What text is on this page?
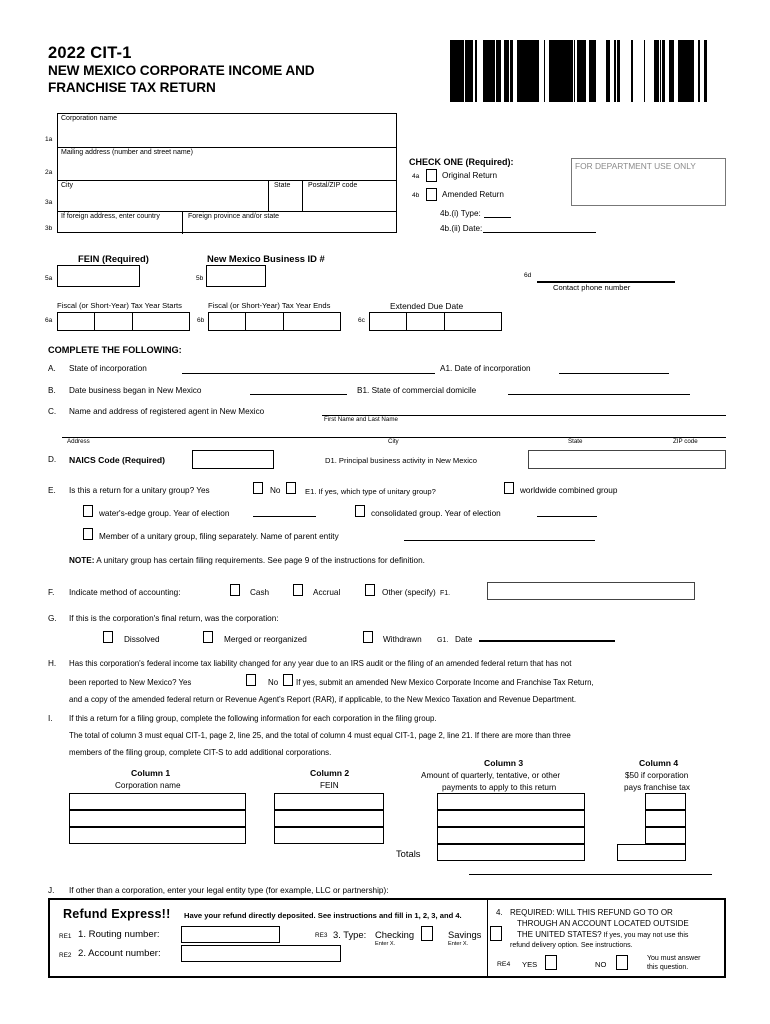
2022 CIT-1
NEW MEXICO CORPORATE INCOME AND
FRANCHISE TAX RETURN
Corporation name
Mailing address (number and street name)
City	State	Postal/ZIP code
If foreign address, enter country	Foreign province and/or state
1a
2a
3a
3b
CHECK ONE (Required):
4a	Original Return
4b	Amended Return
4b.(i) Type:
4b.(ii) Date:
FOR DEPARTMENT USE ONLY
FEIN (Required)
5a
New Mexico Business ID #
5b	6d
Contact phone number
Fiscal (or Short-Year) Tax Year Starts
6a
Fiscal (or Short-Year) Tax Year Ends
6b
Extended Due Date
6c
COMPLETE THE FOLLOWING:
A. State of incorporation	A1. Date of incorporation
B. Date business began in New Mexico	B1. State of commercial domicile
C. Name and address of registered agent in New Mexico
First Name and Last Name
Address	City	State	ZIP code
D. NAICS Code (Required)	D1. Principal business activity in New Mexico
E. Is this a return for a unitary group? Yes	No	E1. If yes, which type of unitary group?	worldwide combined group
water's-edge group. Year of election	consolidated group. Year of election
Member of a unitary group, filing separately. Name of parent entity
NOTE: A unitary group has certain filing requirements. See page 9 of the instructions for definition.
F. Indicate method of accounting:	Cash	Accrual	Other (specify) F1.
G. If this is the corporation's final return, was the corporation:
Dissolved	Merged or reorganized	Withdrawn G1. Date
H. Has this corporation's federal income tax liability changed for any year due to an IRS audit or the filing of an amended federal return that has not
been reported to New Mexico? Yes	No If yes, submit an amended New Mexico Corporate Income and Franchise Tax Return,
and a copy of the amended federal return or Revenue Agent's Report (RAR), if applicable, to the New Mexico Taxation and Revenue Department.
I. If this a return for a filing group, complete the following information for each corporation in the filing group.
The total of column 3 must equal CIT-1, page 2, line 25, and the total of column 4 must equal CIT-1, page 2, line 21. If there are more than three
members of the filing group, complete CIT-S to add additional corporations.
Column 1
Corporation name
Column 2
FEIN
Column 3
Amount of quarterly, tentative, or other
payments to apply to this return
Column 4
$50 if corporation
pays franchise tax
Totals
J. If other than a corporation, enter your legal entity type (for example, LLC or partnership):
Refund Express!! Have your refund directly deposited. See instructions and fill in 1, 2, 3, and 4.
RE1 1. Routing number:
RE2 2. Account number:
RE3 3. Type: Checking
Enter X.
Savings
Enter X.
4. REQUIRED: WILL THIS REFUND GO TO OR
THROUGH AN ACCOUNT LOCATED OUTSIDE
THE UNITED STATES? If yes, you may not use this
refund delivery option. See instructions.
RE4 YES	NO
You must answer
this question.
